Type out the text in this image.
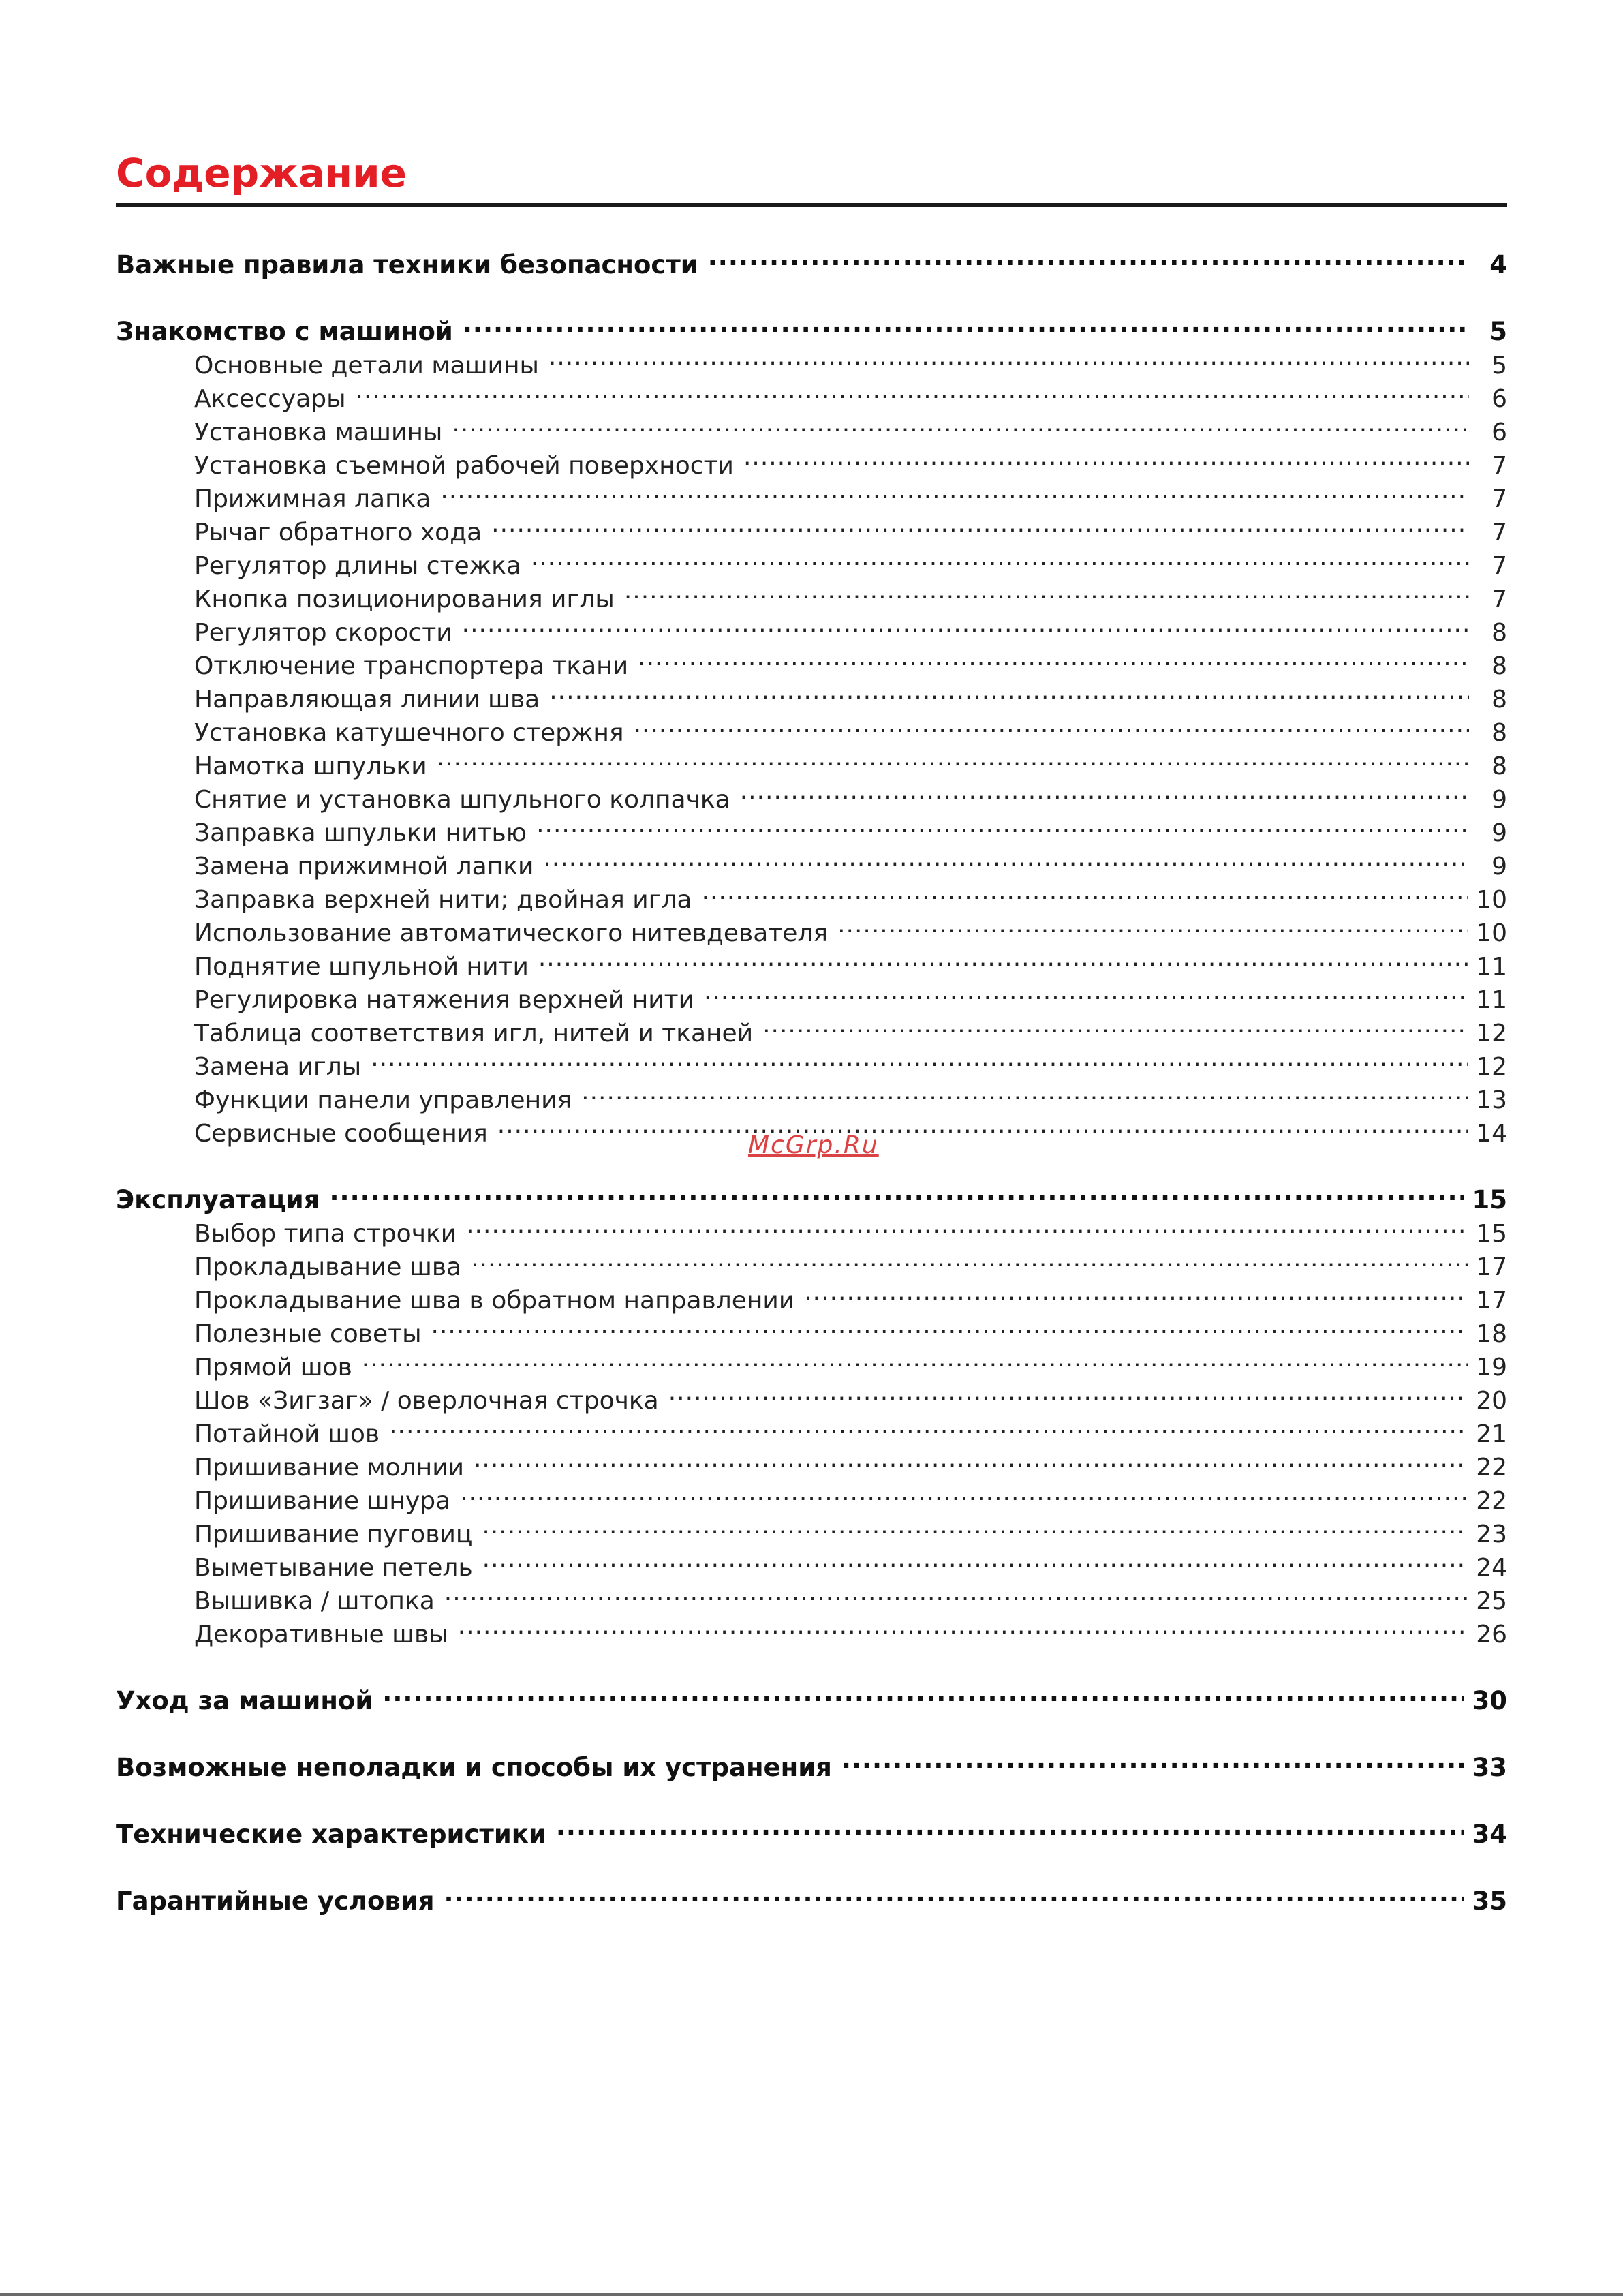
Содержание
Важные правила техники безопасности .....	4
Знакомство с машиной .....	5
Основные детали машины .....	5
Аксессуары .....	6
Установка машины .....	6
Установка съемной рабочей поверхности .....	7
Прижимная лапка .....	7
Рычаг обратного хода .....	7
Регулятор длины стежка .....	7
Кнопка позиционирования иглы .....	7
Регулятор скорости .....	8
Отключение транспортера ткани .....	8
Направляющая линии шва .....	8
Установка катушечного стержня .....	8
Намотка шпульки .....	8
Снятие и установка шпульного колпачка .....	9
Заправка шпульки нитью .....	9
Замена прижимной лапки .....	9
Заправка верхней нити; двойная игла .....	10
Использование автоматического нитевдевателя .....	10
Поднятие шпульной нити .....	11
Регулировка натяжения верхней нити .....	11
Таблица соответствия игл, нитей и тканей .....	12
Замена иглы .....	12
Функции панели управления .....	13
Сервисные сообщения .....	14
Эксплуатация .....	15
Выбор типа строчки .....	15
Прокладывание шва .....	17
Прокладывание шва в обратном направлении .....	17
Полезные советы .....	18
Прямой шов .....	19
Шов «Зигзаг» / оверлочная строчка .....	20
Потайной шов .....	21
Пришивание молнии .....	22
Пришивание шнура .....	22
Пришивание пуговиц .....	23
Выметывание петель .....	24
Вышивка / штопка .....	25
Декоративные швы .....	26
Уход за машиной .....	30
Возможные неполадки и способы их устранения .....	33
Технические характеристики .....	34
Гарантийные условия .....	35
McGrp.Ru
